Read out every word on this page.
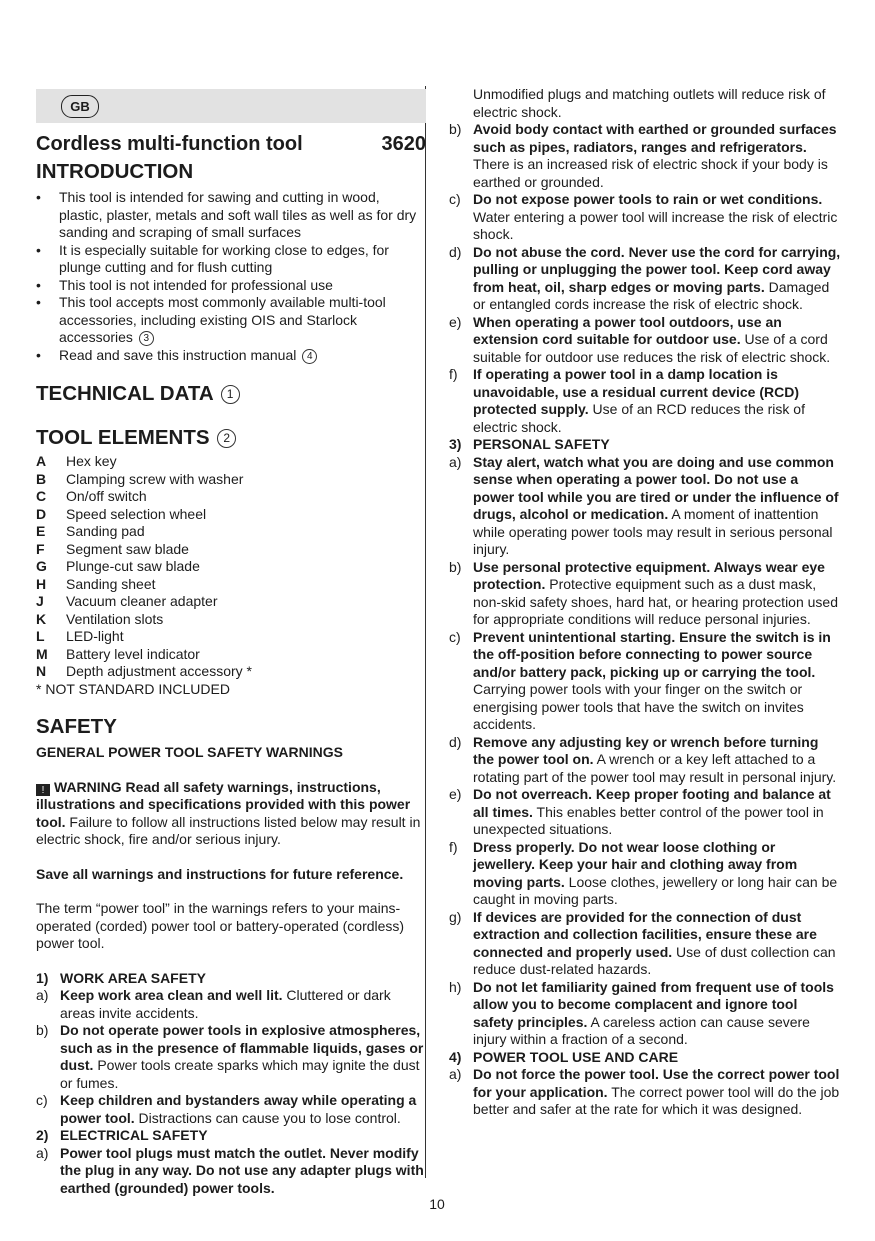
GB
Cordless multi-function tool	3620
INTRODUCTION
•	This tool is intended for sawing and cutting in wood, plastic, plaster, metals and soft wall tiles as well as for dry sanding and scraping of small surfaces
•	It is especially suitable for working close to edges, for plunge cutting and for flush cutting
•	This tool is not intended for professional use
•	This tool accepts most commonly available multi-tool accessories, including existing OIS and Starlock accessories 3
•	Read and save this instruction manual 4
TECHNICAL DATA 1
TOOL ELEMENTS 2
A	Hex key
B	Clamping screw with washer
C	On/off switch
D	Speed selection wheel
E	Sanding pad
F	Segment saw blade
G	Plunge-cut saw blade
H	Sanding sheet
J	Vacuum cleaner adapter
K	Ventilation slots
L	LED-light
M	Battery level indicator
N	Depth adjustment accessory *
* NOT STANDARD INCLUDED
SAFETY
GENERAL POWER TOOL SAFETY WARNINGS
! WARNING Read all safety warnings, instructions, illustrations and specifications provided with this power tool. Failure to follow all instructions listed below may result in electric shock, fire and/or serious injury.
Save all warnings and instructions for future reference.
The term “power tool” in the warnings refers to your mains-operated (corded) power tool or battery-operated (cordless) power tool.
1) WORK AREA SAFETY
a) Keep work area clean and well lit. Cluttered or dark areas invite accidents.
b) Do not operate power tools in explosive atmospheres, such as in the presence of flammable liquids, gases or dust. Power tools create sparks which may ignite the dust or fumes.
c) Keep children and bystanders away while operating a power tool. Distractions can cause you to lose control.
2) ELECTRICAL SAFETY
a) Power tool plugs must match the outlet. Never modify the plug in any way. Do not use any adapter plugs with earthed (grounded) power tools.
Unmodified plugs and matching outlets will reduce risk of electric shock.
b) Avoid body contact with earthed or grounded surfaces such as pipes, radiators, ranges and refrigerators. There is an increased risk of electric shock if your body is earthed or grounded.
c) Do not expose power tools to rain or wet conditions. Water entering a power tool will increase the risk of electric shock.
d) Do not abuse the cord. Never use the cord for carrying, pulling or unplugging the power tool. Keep cord away from heat, oil, sharp edges or moving parts. Damaged or entangled cords increase the risk of electric shock.
e) When operating a power tool outdoors, use an extension cord suitable for outdoor use. Use of a cord suitable for outdoor use reduces the risk of electric shock.
f)	If operating a power tool in a damp location is unavoidable, use a residual current device (RCD) protected supply. Use of an RCD reduces the risk of electric shock.
3) PERSONAL SAFETY
a) Stay alert, watch what you are doing and use common sense when operating a power tool. Do not use a power tool while you are tired or under the influence of drugs, alcohol or medication. A moment of inattention while operating power tools may result in serious personal injury.
b) Use personal protective equipment. Always wear eye protection. Protective equipment such as a dust mask, non-skid safety shoes, hard hat, or hearing protection used for appropriate conditions will reduce personal injuries.
c) Prevent unintentional starting. Ensure the switch is in the off-position before connecting to power source and/or battery pack, picking up or carrying the tool. Carrying power tools with your finger on the switch or energising power tools that have the switch on invites accidents.
d) Remove any adjusting key or wrench before turning the power tool on. A wrench or a key left attached to a rotating part of the power tool may result in personal injury.
e) Do not overreach. Keep proper footing and balance at all times. This enables better control of the power tool in unexpected situations.
f)	Dress properly. Do not wear loose clothing or jewellery. Keep your hair and clothing away from moving parts. Loose clothes, jewellery or long hair can be caught in moving parts.
g) If devices are provided for the connection of dust extraction and collection facilities, ensure these are connected and properly used. Use of dust collection can reduce dust-related hazards.
h) Do not let familiarity gained from frequent use of tools allow you to become complacent and ignore tool safety principles. A careless action can cause severe injury within a fraction of a second.
4) POWER TOOL USE AND CARE
a) Do not force the power tool. Use the correct power tool for your application. The correct power tool will do the job better and safer at the rate for which it was designed.
10
